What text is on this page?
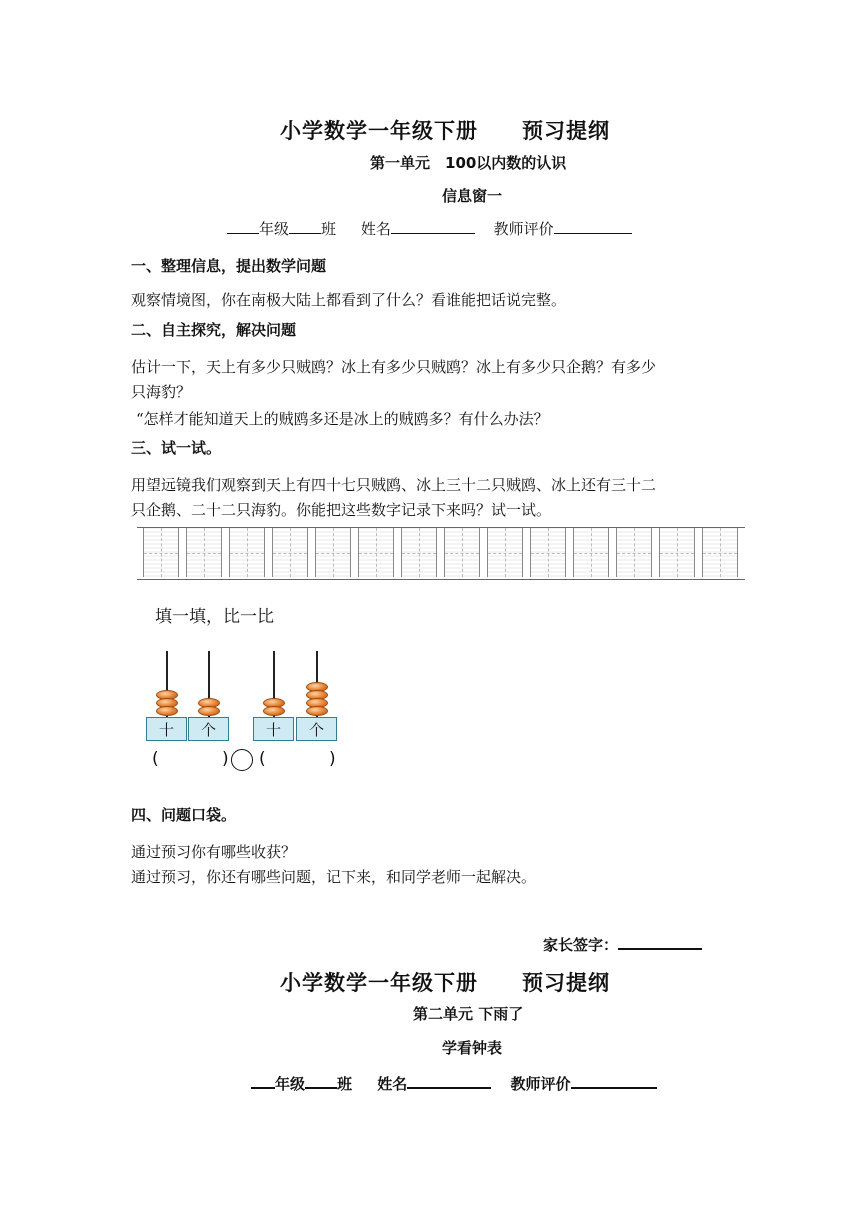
小学数学一年级下册　　预习提纲
第一单元　100以内数的认识
信息窗一
年级 班 姓名	教师评价
一、整理信息，提出数学问题
观察情境图，你在南极大陆上都看到了什么？看谁能把话说完整。
二、自主探究，解决问题
估计一下，天上有多少只贼鸥？冰上有多少只贼鸥？冰上有多少只企鹅？有多少
只海豹？
“怎样才能知道天上的贼鸥多还是冰上的贼鸥多？有什么办法？
三、试一试。
用望远镜我们观察到天上有四十七只贼鸥、冰上三十二只贼鸥、冰上还有三十二
只企鹅、二十二只海豹。你能把这些数字记录下来吗？试一试。
填一填，比一比
十	个	十	个
(	) (	)
四、问题口袋。
通过预习你有哪些收获？
通过预习，你还有哪些问题，记下来，和同学老师一起解决。
家长签字：
小学数学一年级下册　　预习提纲
第二单元 下雨了
学看钟表
年级 班 姓名	教师评价
